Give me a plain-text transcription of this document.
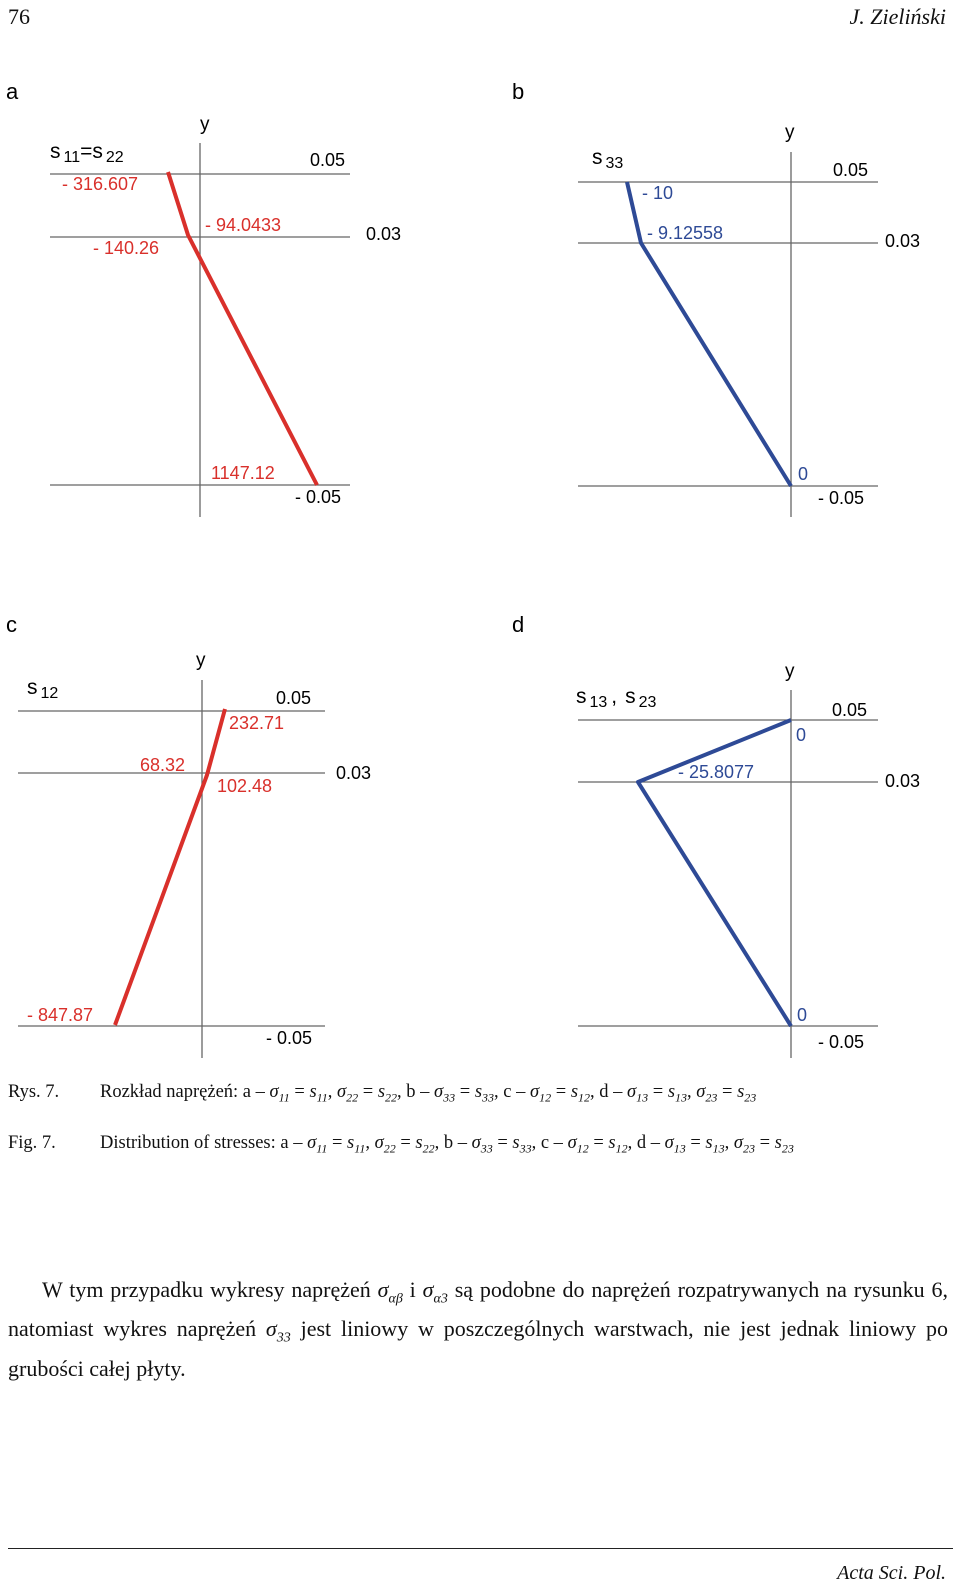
76	J. Zieliński
a
y
s 11=s 22	0.05
0.03
- 0.05
- 316.607
- 94.0433
- 140.26
1147.12
b
y
s 33	0.05
0.03
- 0.05
- 10
- 9.12558
0
c
y
s 12	0.05
0.03
- 0.05
232.71
68.32
102.48
- 847.87
d
y
s 13 , s 23	0.05
0.03
- 0.05
0
- 25.8077
0
Rys. 7. Rozkład naprężeń: $a - \sigma_{11} = s_{11}$, $\sigma_{22} = s_{22}$, $b - \sigma_{33} = s_{33}$, $c - \sigma_{12} = s_{12}$, $d - \sigma_{13} = s_{13}$, $\sigma_{23} = s_{23}$
Fig. 7. Distribution of stresses: $a - \sigma_{11} = s_{11}$, $\sigma_{22} = s_{22}$, $b - \sigma_{33} = s_{33}$, $c - \sigma_{12} = s_{12}$, $d - \sigma_{13} = s_{13}$, $\sigma_{23} = s_{23}$
W tym przypadku wykresy naprężeń $\sigma_{\alpha\beta}$ i $\sigma_{\alpha 3}$ są podobne do naprężeń rozpatrywanych na rysunku 6, natomiast wykres naprężeń $\sigma_{33}$ jest liniowy w poszczególnych warstwach, nie jest jednak liniowy po grubości całej płyty.
Acta Sci. Pol.
